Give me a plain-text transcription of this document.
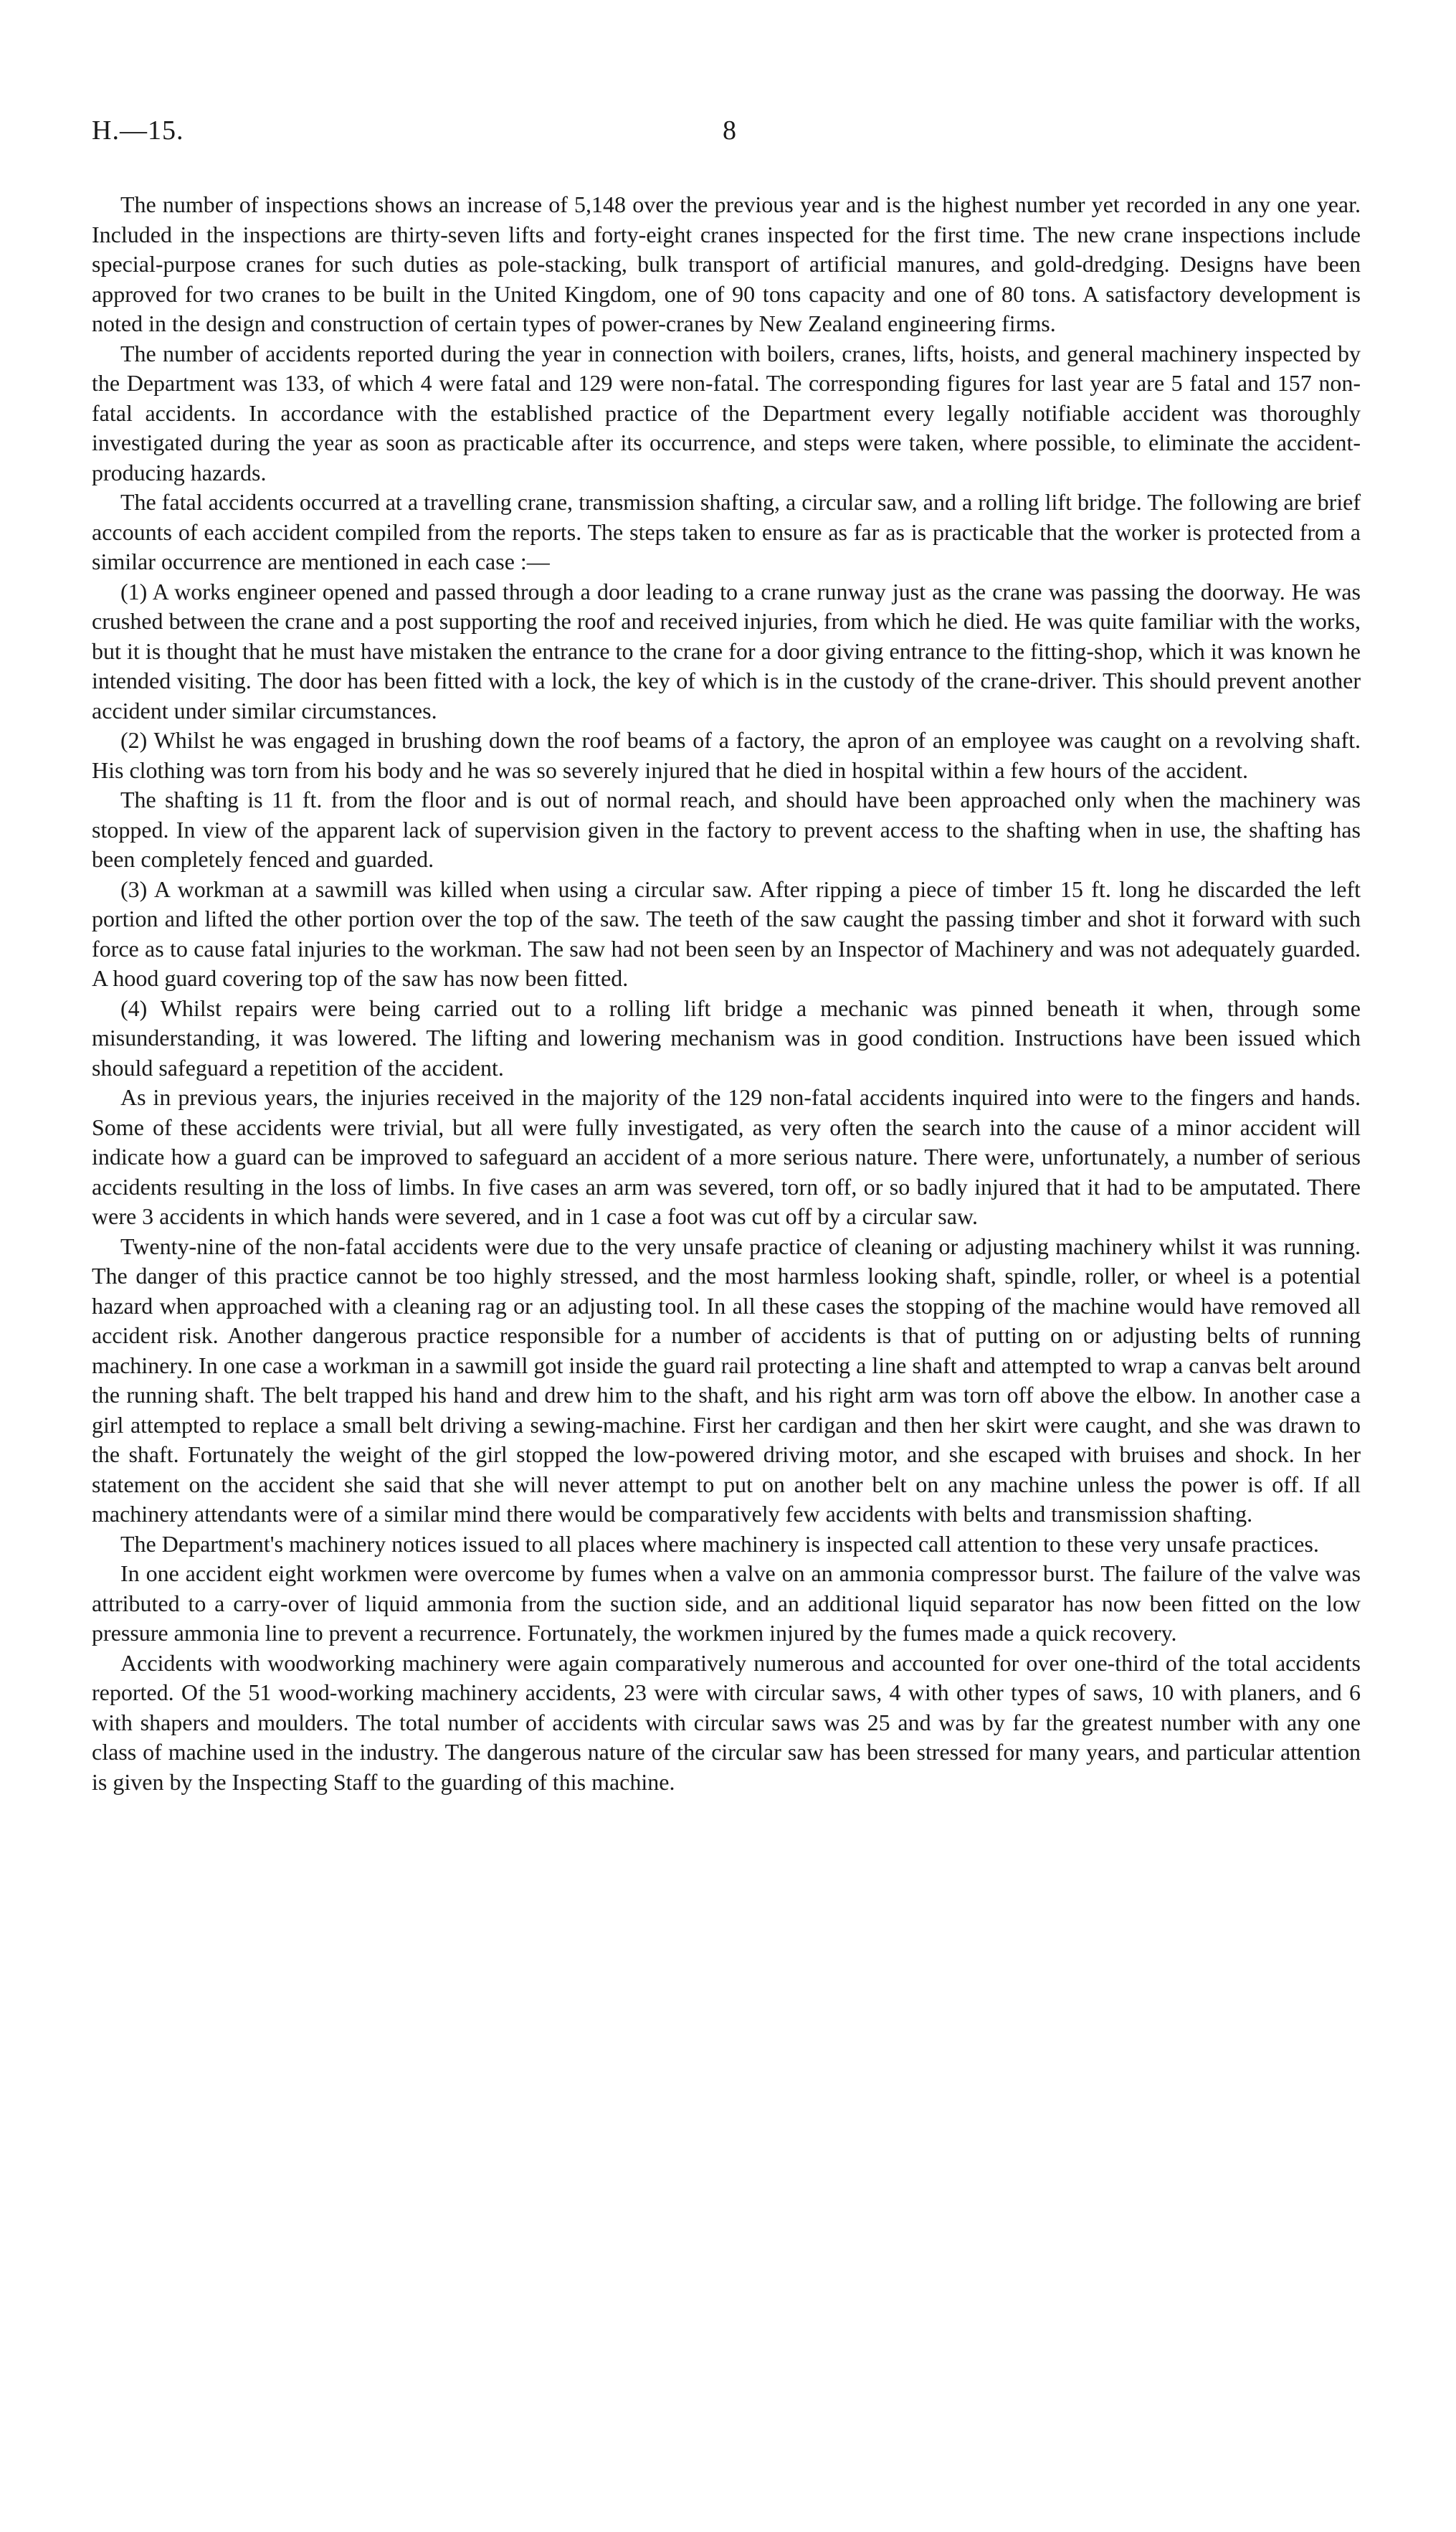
H.—15.	8

The number of inspections shows an increase of 5,148 over the previous year and is the highest number yet recorded in any one year. Included in the inspections are thirty-seven lifts and forty-eight cranes inspected for the first time. The new crane inspections include special-purpose cranes for such duties as pole-stacking, bulk transport of artificial manures, and gold-dredging. Designs have been approved for two cranes to be built in the United Kingdom, one of 90 tons capacity and one of 80 tons. A satisfactory development is noted in the design and construction of certain types of power-cranes by New Zealand engineering firms.

The number of accidents reported during the year in connection with boilers, cranes, lifts, hoists, and general machinery inspected by the Department was 133, of which 4 were fatal and 129 were non-fatal. The corresponding figures for last year are 5 fatal and 157 non-fatal accidents. In accordance with the established practice of the Department every legally notifiable accident was thoroughly investigated during the year as soon as practicable after its occurrence, and steps were taken, where possible, to eliminate the accident-producing hazards.

The fatal accidents occurred at a travelling crane, transmission shafting, a circular saw, and a rolling lift bridge. The following are brief accounts of each accident compiled from the reports. The steps taken to ensure as far as is practicable that the worker is protected from a similar occurrence are mentioned in each case :—

(1) A works engineer opened and passed through a door leading to a crane runway just as the crane was passing the doorway. He was crushed between the crane and a post supporting the roof and received injuries, from which he died. He was quite familiar with the works, but it is thought that he must have mistaken the entrance to the crane for a door giving entrance to the fitting-shop, which it was known he intended visiting. The door has been fitted with a lock, the key of which is in the custody of the crane-driver. This should prevent another accident under similar circumstances.

(2) Whilst he was engaged in brushing down the roof beams of a factory, the apron of an employee was caught on a revolving shaft. His clothing was torn from his body and he was so severely injured that he died in hospital within a few hours of the accident.

The shafting is 11 ft. from the floor and is out of normal reach, and should have been approached only when the machinery was stopped. In view of the apparent lack of supervision given in the factory to prevent access to the shafting when in use, the shafting has been completely fenced and guarded.

(3) A workman at a sawmill was killed when using a circular saw. After ripping a piece of timber 15 ft. long he discarded the left portion and lifted the other portion over the top of the saw. The teeth of the saw caught the passing timber and shot it forward with such force as to cause fatal injuries to the workman. The saw had not been seen by an Inspector of Machinery and was not adequately guarded. A hood guard covering top of the saw has now been fitted.

(4) Whilst repairs were being carried out to a rolling lift bridge a mechanic was pinned beneath it when, through some misunderstanding, it was lowered. The lifting and lowering mechanism was in good condition. Instructions have been issued which should safeguard a repetition of the accident.

As in previous years, the injuries received in the majority of the 129 non-fatal accidents inquired into were to the fingers and hands. Some of these accidents were trivial, but all were fully investigated, as very often the search into the cause of a minor accident will indicate how a guard can be improved to safeguard an accident of a more serious nature. There were, unfortunately, a number of serious accidents resulting in the loss of limbs. In five cases an arm was severed, torn off, or so badly injured that it had to be amputated. There were 3 accidents in which hands were severed, and in 1 case a foot was cut off by a circular saw.

Twenty-nine of the non-fatal accidents were due to the very unsafe practice of cleaning or adjusting machinery whilst it was running. The danger of this practice cannot be too highly stressed, and the most harmless looking shaft, spindle, roller, or wheel is a potential hazard when approached with a cleaning rag or an adjusting tool. In all these cases the stopping of the machine would have removed all accident risk. Another dangerous practice responsible for a number of accidents is that of putting on or adjusting belts of running machinery. In one case a workman in a sawmill got inside the guard rail protecting a line shaft and attempted to wrap a canvas belt around the running shaft. The belt trapped his hand and drew him to the shaft, and his right arm was torn off above the elbow. In another case a girl attempted to replace a small belt driving a sewing-machine. First her cardigan and then her skirt were caught, and she was drawn to the shaft. Fortunately the weight of the girl stopped the low-powered driving motor, and she escaped with bruises and shock. In her statement on the accident she said that she will never attempt to put on another belt on any machine unless the power is off. If all machinery attendants were of a similar mind there would be comparatively few accidents with belts and transmission shafting.

The Department's machinery notices issued to all places where machinery is inspected call attention to these very unsafe practices.

In one accident eight workmen were overcome by fumes when a valve on an ammonia compressor burst. The failure of the valve was attributed to a carry-over of liquid ammonia from the suction side, and an additional liquid separator has now been fitted on the low pressure ammonia line to prevent a recurrence. Fortunately, the workmen injured by the fumes made a quick recovery.

Accidents with woodworking machinery were again comparatively numerous and accounted for over one-third of the total accidents reported. Of the 51 wood-working machinery accidents, 23 were with circular saws, 4 with other types of saws, 10 with planers, and 6 with shapers and moulders. The total number of accidents with circular saws was 25 and was by far the greatest number with any one class of machine used in the industry. The dangerous nature of the circular saw has been stressed for many years, and particular attention is given by the Inspecting Staff to the guarding of this machine.
